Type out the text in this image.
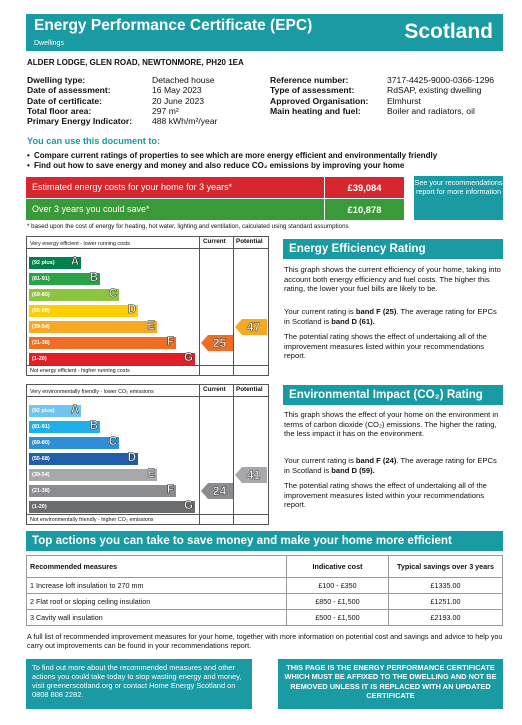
Energy Performance Certificate (EPC)
Dwellings
Scotland
ALDER LODGE, GLEN ROAD, NEWTONMORE, PH20 1EA
You can use this document to:
• Compare current ratings of properties to see which are more energy efficient and environmentally friendly
• Find out how to save energy and money and also reduce CO₂ emissions by improving your home
Estimated energy costs for your home for 3 years*	£39,084
Over 3 years you could save*	£10,878
See your recommendations report for more information
* based upon the cost of energy for heating, hot water, lighting and ventilation, calculated using standard assumptions
Current Potential
Very energy efficient - lower running costs
Not energy efficient - higher running costs
(92 plus) A
(81-91)	B
(69-80)	C
(55-68)	D
(39-54)	E
(21-38)	F
(1-20)	G
25
47
Current Potential
Very environmentally friendly - lower CO₂ emissions
Not environmentally friendly - higher CO₂ emissions
(92 plus) A
(81-91)	B
(69-80)	C
(55-68)	D
(39-54)	E
(21-38)	F
(1-20)	G
24
41
Energy Efficiency Rating
This graph shows the current efficiency of your home, taking into account both energy efficiency and fuel costs. The higher this rating, the lower your fuel bills are likely to be.
Your current rating is band F (25). The average rating for EPCs in Scotland is band D (61).
The potential rating shows the effect of undertaking all of the improvement measures listed within your recommendations report.
Environmental Impact (CO₂) Rating
This graph shows the effect of your home on the environment in terms of carbon dioxide (CO₂) emissions. The higher the rating, the less impact it has on the environment.
Your current rating is band F (24). The average rating for EPCs in Scotland is band D (59).
The potential rating shows the effect of undertaking all of the improvement measures listed within your recommendations report.
Top actions you can take to save money and make your home more efficient
Recommended measures	Indicative cost	Typical savings over 3 years
1 Increase loft insulation to 270 mm	£100 - £350	£1335.00
2 Flat roof or sloping ceiling insulation	£850 - £1,500	£1251.00
3 Cavity wall insulation	£500 - £1,500	£2193.00
A full list of recommended improvement measures for your home, together with more information on potential cost and savings and advice to help you carry out improvements can be found in your recommendations report.
To find out more about the recommended measures and other actions you could take today to stop wasting energy and money, visit greenerscotland.org or contact Home Energy Scotland on 0808 808 2282.
THIS PAGE IS THE ENERGY PERFORMANCE CERTIFICATE WHICH MUST BE AFFIXED TO THE DWELLING AND NOT BE REMOVED UNLESS IT IS REPLACED WITH AN UPDATED CERTIFICATE
Dwelling type:	Detached house
Date of assessment:	16 May 2023
Date of certificate:	20 June 2023
Total floor area:	297 m²
Primary Energy Indicator: 488 kWh/m²/year
Reference number:	3717-4425-9000-0366-1296
Type of assessment:	RdSAP, existing dwelling
Approved Organisation: Elmhurst
Main heating and fuel:	Boiler and radiators, oil
